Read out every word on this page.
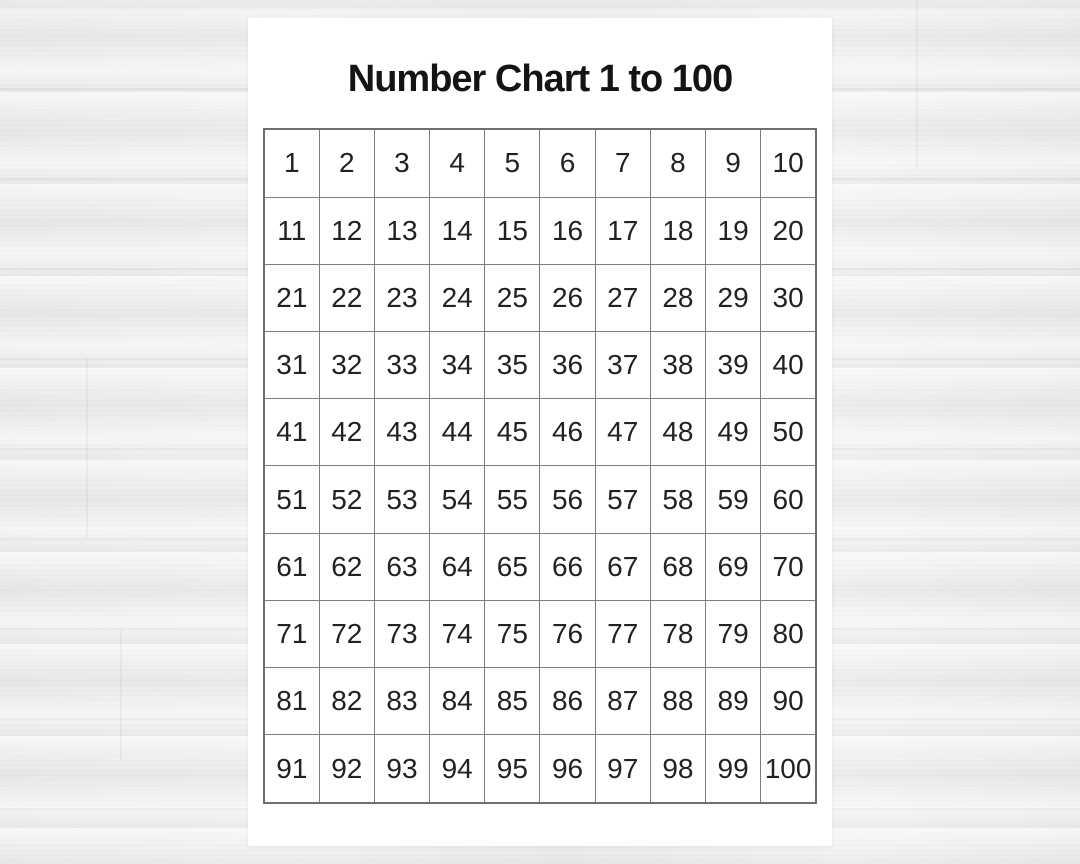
Number Chart 1 to 100
1	2	3	4	5	6	7	8	9	10
11	12	13	14	15	16	17	18	19	20
21	22	23	24	25	26	27	28	29	30
31	32	33	34	35	36	37	38	39	40
41	42	43	44	45	46	47	48	49	50
51	52	53	54	55	56	57	58	59	60
61	62	63	64	65	66	67	68	69	70
71	72	73	74	75	76	77	78	79	80
81	82	83	84	85	86	87	88	89	90
91	92	93	94	95	96	97	98	99	100
